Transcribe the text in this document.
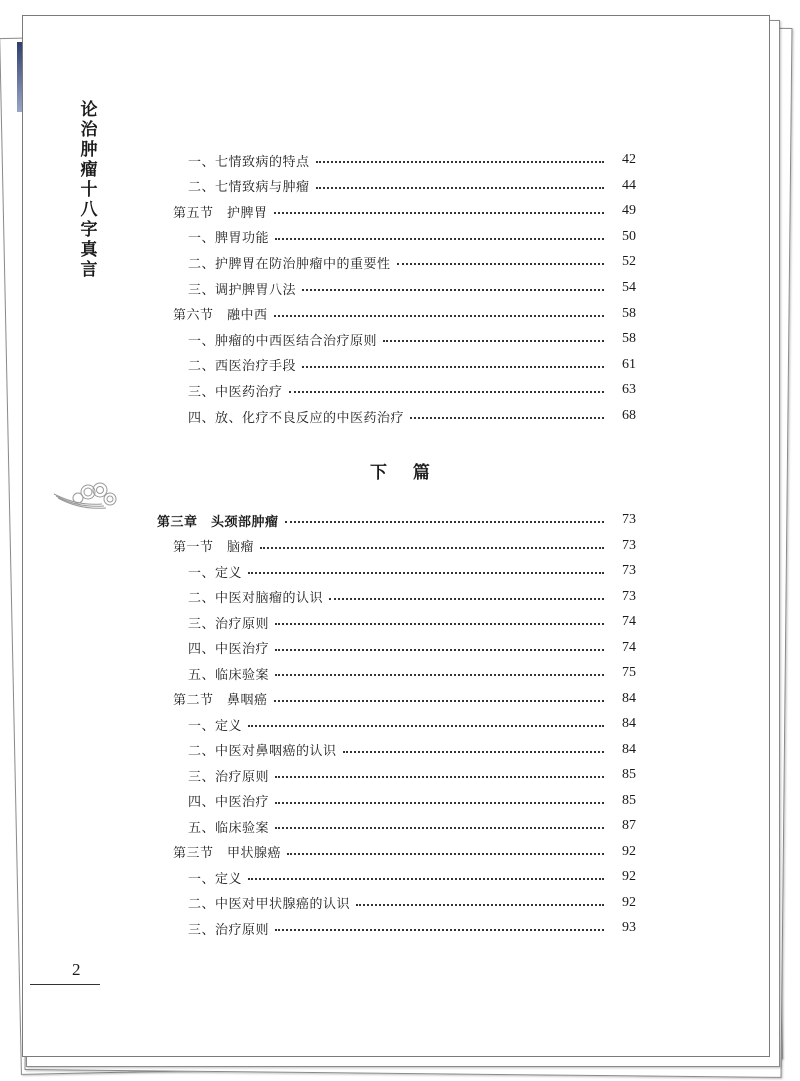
论治肿瘤十八字真言
一、七情致病的特点	42
二、七情致病与肿瘤	44
第五节　护脾胃	49
一、脾胃功能	50
二、护脾胃在防治肿瘤中的重要性	52
三、调护脾胃八法	54
第六节　融中西	58
一、肿瘤的中西医结合治疗原则	58
二、西医治疗手段	61
三、中医药治疗	63
四、放、化疗不良反应的中医药治疗	68
第三章　头颈部肿瘤	73
第一节　脑瘤	73
一、定义	73
二、中医对脑瘤的认识	73
三、治疗原则	74
四、中医治疗	74
五、临床验案	75
第二节　鼻咽癌	84
一、定义	84
二、中医对鼻咽癌的认识	84
三、治疗原则	85
四、中医治疗	85
五、临床验案	87
第三节　甲状腺癌	92
一、定义	92
二、中医对甲状腺癌的认识	92
三、治疗原则	93
下 篇
2
